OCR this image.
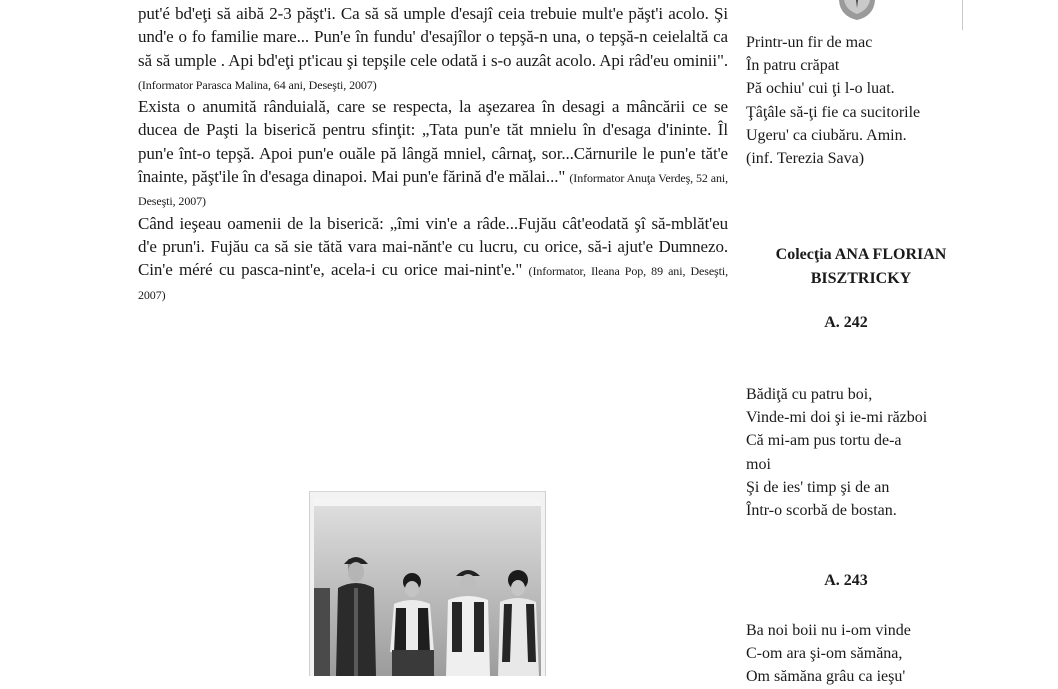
put'é bd'eţi să aibă 2-3 păşt'i. Ca să să umple d'esajî ceia trebuie mult'e păşt'i acolo. Şi und'e o fo familie mare... Pun'e în fundu' d'esajîlor o tepşă-n una, o tepşă-n ceielaltă ca să să umple . Api bd'eţi pt'icau şi tepşile cele odată i s-o auzât acolo. Api râd'eu ominii". (Informator Parasca Malina, 64 ani, Deseşti, 2007)

Exista o anumită rânduială, care se respecta, la aşezarea în desagi a mâncării ce se ducea de Paşti la biserică pentru sfinţit: „Tata pun'e tăt mnielu în d'esaga d'ininte. Îl pun'e înt-o tepşă. Apoi pun'e ouăle pă lângă mniel, cârnaţ, sor...Cărnurile le pun'e tăt'e înainte, păşt'ile în d'esaga dinapoi. Mai pun'e fărină d'e mălai..." (Informator Anuţa Verdeş, 52 ani, Deseşti, 2007)

Când ieşeau oamenii de la biserică: „îmi vin'e a râde...Fujău cât'eodată şî să-mblăt'eu d'e prun'i. Fujău ca să sie tătă vara mai-nănt'e cu lucru, cu orice, să-i ajut'e Dumnezo. Cin'e méré cu pasca-nint'e, acela-i cu orice mai-nint'e." (Informator, Ileana Pop, 89 ani, Deseşti, 2007)

Printr-un fir de mac
În patru crăpat
Pă ochiu' cui ţi l-o luat.
Ţâţâle să-ţi fie ca sucitorile
Ugeru' ca ciubăru. Amin.
(inf. Terezia Sava)
Colecţia ANA FLORIAN
BISZTRICKY
A. 242
Bădiţă cu patru boi,
Vinde-mi doi şi ie-mi război
Că mi-am pus tortu de-a
moi
Şi de ies' timp şi de an
Într-o scorbă de bostan.
A. 243
Ba noi boii nu i-om vinde
C-om ara şi-om sămăna,
Om sămăna grâu ca ieşu'
